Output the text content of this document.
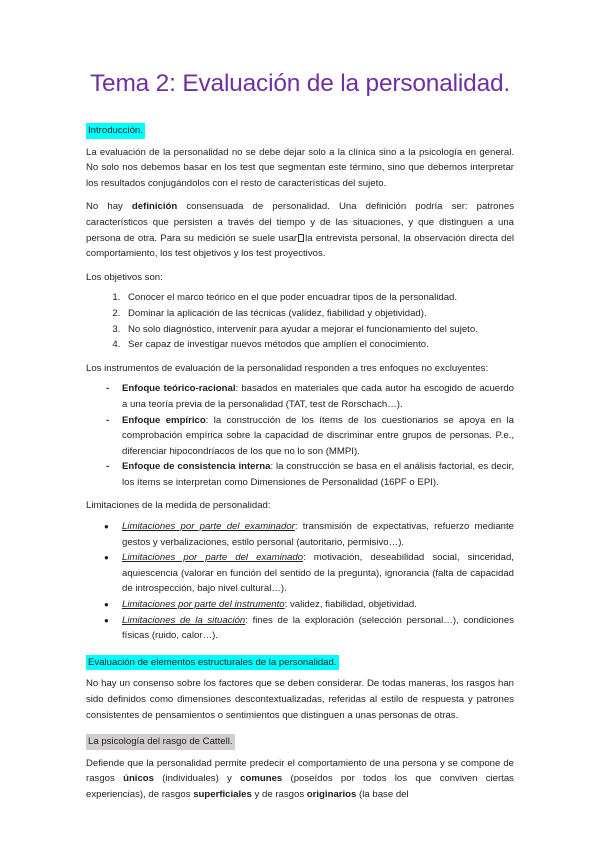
Tema 2: Evaluación de la personalidad.
Introducción.

La evaluación de la personalidad no se debe dejar solo a la clínica sino a la psicología en general. No solo nos debemos basar en los test que segmentan este término, sino que debemos interpretar los resultados conjugándolos con el resto de características del sujeto.

No hay definición consensuada de personalidad. Una definición podría ser: patrones característicos que persisten a través del tiempo y de las situaciones, y que distinguen a una persona de otra. Para su medición se suele usar la entrevista personal, la observación directa del comportamiento, los test objetivos y los test proyectivos.

Los objetivos son:

1. Conocer el marco teórico en el que poder encuadrar tipos de la personalidad.
2. Dominar la aplicación de las técnicas (validez, fiabilidad y objetividad).
3. No solo diagnóstico, intervenir para ayudar a mejorar el funcionamiento del sujeto.
4. Ser capaz de investigar nuevos métodos que amplíen el conocimiento.

Los instrumentos de evaluación de la personalidad responden a tres enfoques no excluyentes:

- Enfoque teórico-racional: basados en materiales que cada autor ha escogido de acuerdo a una teoría previa de la personalidad (TAT, test de Rorschach…).
- Enfoque empírico: la construcción de los ítems de los cuestionarios se apoya en la comprobación empírica sobre la capacidad de discriminar entre grupos de personas. P.e., diferenciar hipocondríacos de los que no lo son (MMPI).
- Enfoque de consistencia interna: la construcción se basa en el análisis factorial, es decir, los ítems se interpretan como Dimensiones de Personalidad (16PF o EPI).

Limitaciones de la medida de personalidad:

● Limitaciones por parte del examinador: transmisión de expectativas, refuerzo mediante gestos y verbalizaciones, estilo personal (autoritario, permisivo…).
● Limitaciones por parte del examinado: motivación, deseabilidad social, sinceridad, aquiescencia (valorar en función del sentido de la pregunta), ignorancia (falta de capacidad de introspección, bajo nivel cultural…).
● Limitaciones por parte del instrumento: validez, fiabilidad, objetividad.
● Limitaciones de la situación: fines de la exploración (selección personal…), condiciones físicas (ruido, calor…).
Evaluación de elementos estructurales de la personalidad.

No hay un consenso sobre los factores que se deben considerar. De todas maneras, los rasgos han sido definidos como dimensiones descontextualizadas, referidas al estilo de respuesta y patrones consistentes de pensamientos o sentimientos que distinguen a unas personas de otras.

La psicología del rasgo de Cattell.

Defiende que la personalidad permite predecir el comportamiento de una persona y se compone de rasgos únicos (individuales) y comunes (poseídos por todos los que conviven ciertas experiencias), de rasgos superficiales y de rasgos originarios (la base del
